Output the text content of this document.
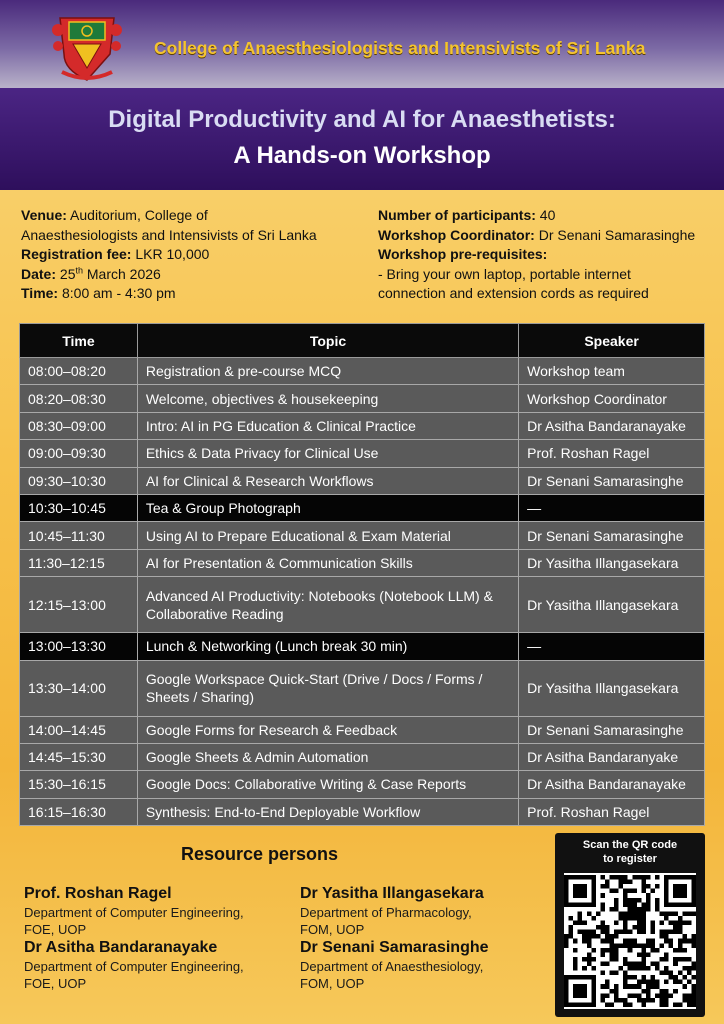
College of Anaesthesiologists and Intensivists of Sri Lanka
Digital Productivity and AI for Anaesthetists:
A Hands-on Workshop
Venue: Auditorium, College of
Anaesthesiologists and Intensivists of Sri Lanka
Registration fee: LKR 10,000
Date: 25th March 2026
Time: 8:00 am - 4:30 pm
Number of participants: 40
Workshop Coordinator: Dr Senani Samarasinghe
Workshop pre-requisites:
- Bring your own laptop, portable internet
connection and extension cords as required
Time	Topic	Speaker
08:00–08:20	Registration & pre-course MCQ	Workshop team
08:20–08:30	Welcome, objectives & housekeeping	Workshop Coordinator
08:30–09:00	Intro: AI in PG Education & Clinical Practice	Dr Asitha Bandaranayake
09:00–09:30	Ethics & Data Privacy for Clinical Use	Prof. Roshan Ragel
09:30–10:30	AI for Clinical & Research Workflows	Dr Senani Samarasinghe
10:30–10:45	Tea & Group Photograph	—
10:45–11:30	Using AI to Prepare Educational & Exam Material	Dr Senani Samarasinghe
11:30–12:15	AI for Presentation & Communication Skills	Dr Yasitha Illangasekara
12:15–13:00	Advanced AI Productivity: Notebooks (Notebook LLM) & Collaborative Reading	Dr Yasitha Illangasekara
13:00–13:30	Lunch & Networking (Lunch break 30 min)	—
13:30–14:00	Google Workspace Quick-Start (Drive / Docs / Forms / Sheets / Sharing)	Dr Yasitha Illangasekara
14:00–14:45	Google Forms for Research & Feedback	Dr Senani Samarasinghe
14:45–15:30	Google Sheets & Admin Automation	Dr Asitha Bandaranyake
15:30–16:15	Google Docs: Collaborative Writing & Case Reports	Dr Asitha Bandaranayake
16:15–16:30	Synthesis: End-to-End Deployable Workflow	Prof. Roshan Ragel
Resource persons
Prof. Roshan Ragel
Department of Computer Engineering,
FOE, UOP
Dr Asitha Bandaranayake
Department of Computer Engineering,
FOE, UOP
Dr Yasitha Illangasekara
Department of Pharmacology,
FOM, UOP
Dr Senani Samarasinghe
Department of Anaesthesiology,
FOM, UOP
Scan the QR code
to register
